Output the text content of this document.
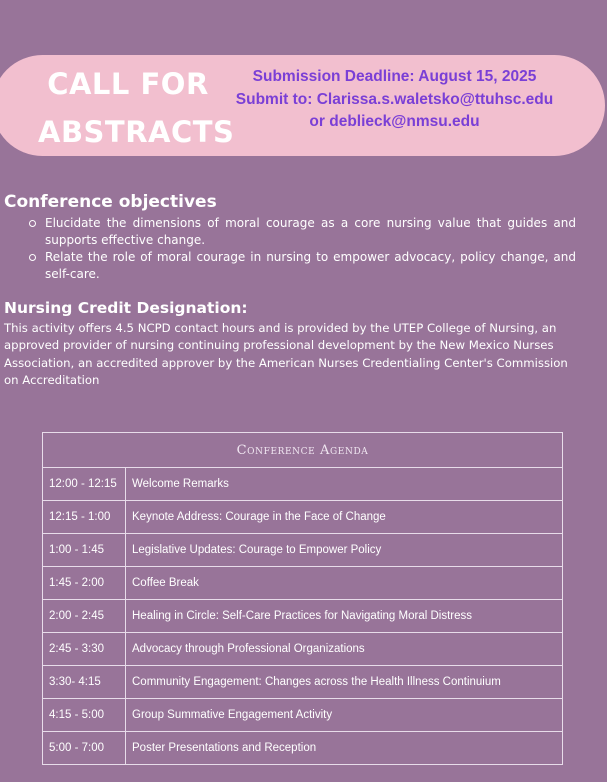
CALL FOR
ABSTRACTS
Submission Deadline: August 15, 2025
Submit to: Clarissa.s.waletsko@ttuhsc.edu
or deblieck@nmsu.edu
Conference objectives
Elucidate the dimensions of moral courage as a core nursing value that guides and supports effective change.
Relate the role of moral courage in nursing to empower advocacy, policy change, and self-care.
Nursing Credit Designation:
This activity offers 4.5 NCPD contact hours and is provided by the UTEP College of Nursing, an approved provider of nursing continuing professional development by the New Mexico Nurses Association, an accredited approver by the American Nurses Credentialing Center's Commission on Accreditation
Conference Agenda	
12:00 - 12:15	Welcome Remarks
12:15 - 1:00	Keynote Address: Courage in the Face of Change
1:00 - 1:45	Legislative Updates: Courage to Empower Policy
1:45 - 2:00	Coffee Break
2:00 - 2:45	Healing in Circle: Self-Care Practices for Navigating Moral Distress
2:45 - 3:30	Advocacy through Professional Organizations
3:30- 4:15	Community Engagement: Changes across the Health Illness Continuium
4:15 - 5:00	Group Summative Engagement Activity
5:00 - 7:00	Poster Presentations and Reception
